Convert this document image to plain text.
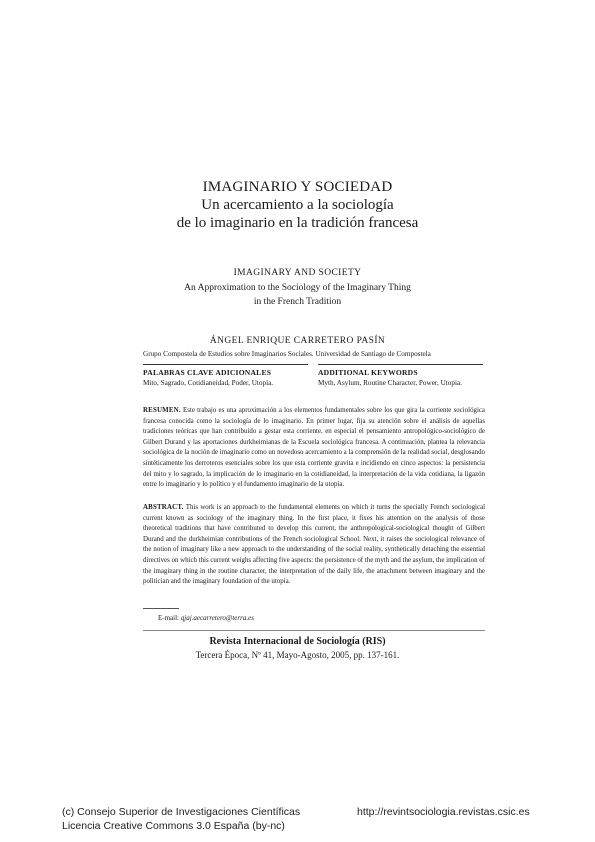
IMAGINARIO Y SOCIEDAD
Un acercamiento a la sociología
de lo imaginario en la tradición francesa
IMAGINARY AND SOCIETY
An Approximation to the Sociology of the Imaginary Thing
in the French Tradition
ÁNGEL ENRIQUE CARRETERO PASÍN
Grupo Compostela de Estudios sobre Imaginarios Sociales. Universidad de Santiago de Compostela
PALABRAS CLAVE ADICIONALES
Mito, Sagrado, Cotidianeidad, Poder, Utopía.
ADDITIONAL KEYWORDS
Myth, Asylum, Routine Character, Power, Utopia.

RESUMEN. Este trabajo es una aproximación a los elementos fundamentales sobre los que gira la corriente sociológica francesa conocida como la sociología de lo imaginario. En primer lugar, fija su atención sobre el análisis de aquellas tradiciones teóricas que han contribuido a gestar esta corriente, en especial el pensamiento antropológico-sociológico de Gilbert Durand y las aportaciones durkheimianas de la Escuela sociológica francesa. A continuación, plantea la relevancia sociológica de la noción de imaginario como un novedoso acercamiento a la comprensión de la realidad social, desglosando sintéticamente los derroteros esenciales sobre los que esta corriente gravita e incidiendo en cinco aspectos: la persistencia del mito y lo sagrado, la implicación de lo imaginario en la cotidianeidad, la interpretación de la vida cotidiana, la ligazón entre lo imaginario y lo político y el fundamento imaginario de la utopía.

ABSTRACT. This work is an approach to the fundamental elements on which it turns the specially French sociological current known as sociology of the imaginary thing. In the first place, it fixes his attention on the analysis of those theoretical traditions that have contributed to develop this current, the anthropological-sociological thought of Gilbert Durand and the durkheimian contributions of the French sociological School. Next, it raises the sociological relevance of the notion of imaginary like a new approach to the understanding of the social reality, synthetically detaching the essential directives on which this current weighs affecting five aspects: the persistence of the myth and the asylum, the implication of the imaginary thing in the routine character, the interpretation of the daily life, the attachment between imaginary and the politician and the imaginary foundation of the utopia.

E-mail: qjaj.aecarretero@terra.es
Revista Internacional de Sociología (RIS)
Tercera Época, Nº 41, Mayo-Agosto, 2005, pp. 137-161.
(c) Consejo Superior de Investigaciones Científicas
Licencia Creative Commons 3.0 España (by-nc)
http://revintsociologia.revistas.csic.es
